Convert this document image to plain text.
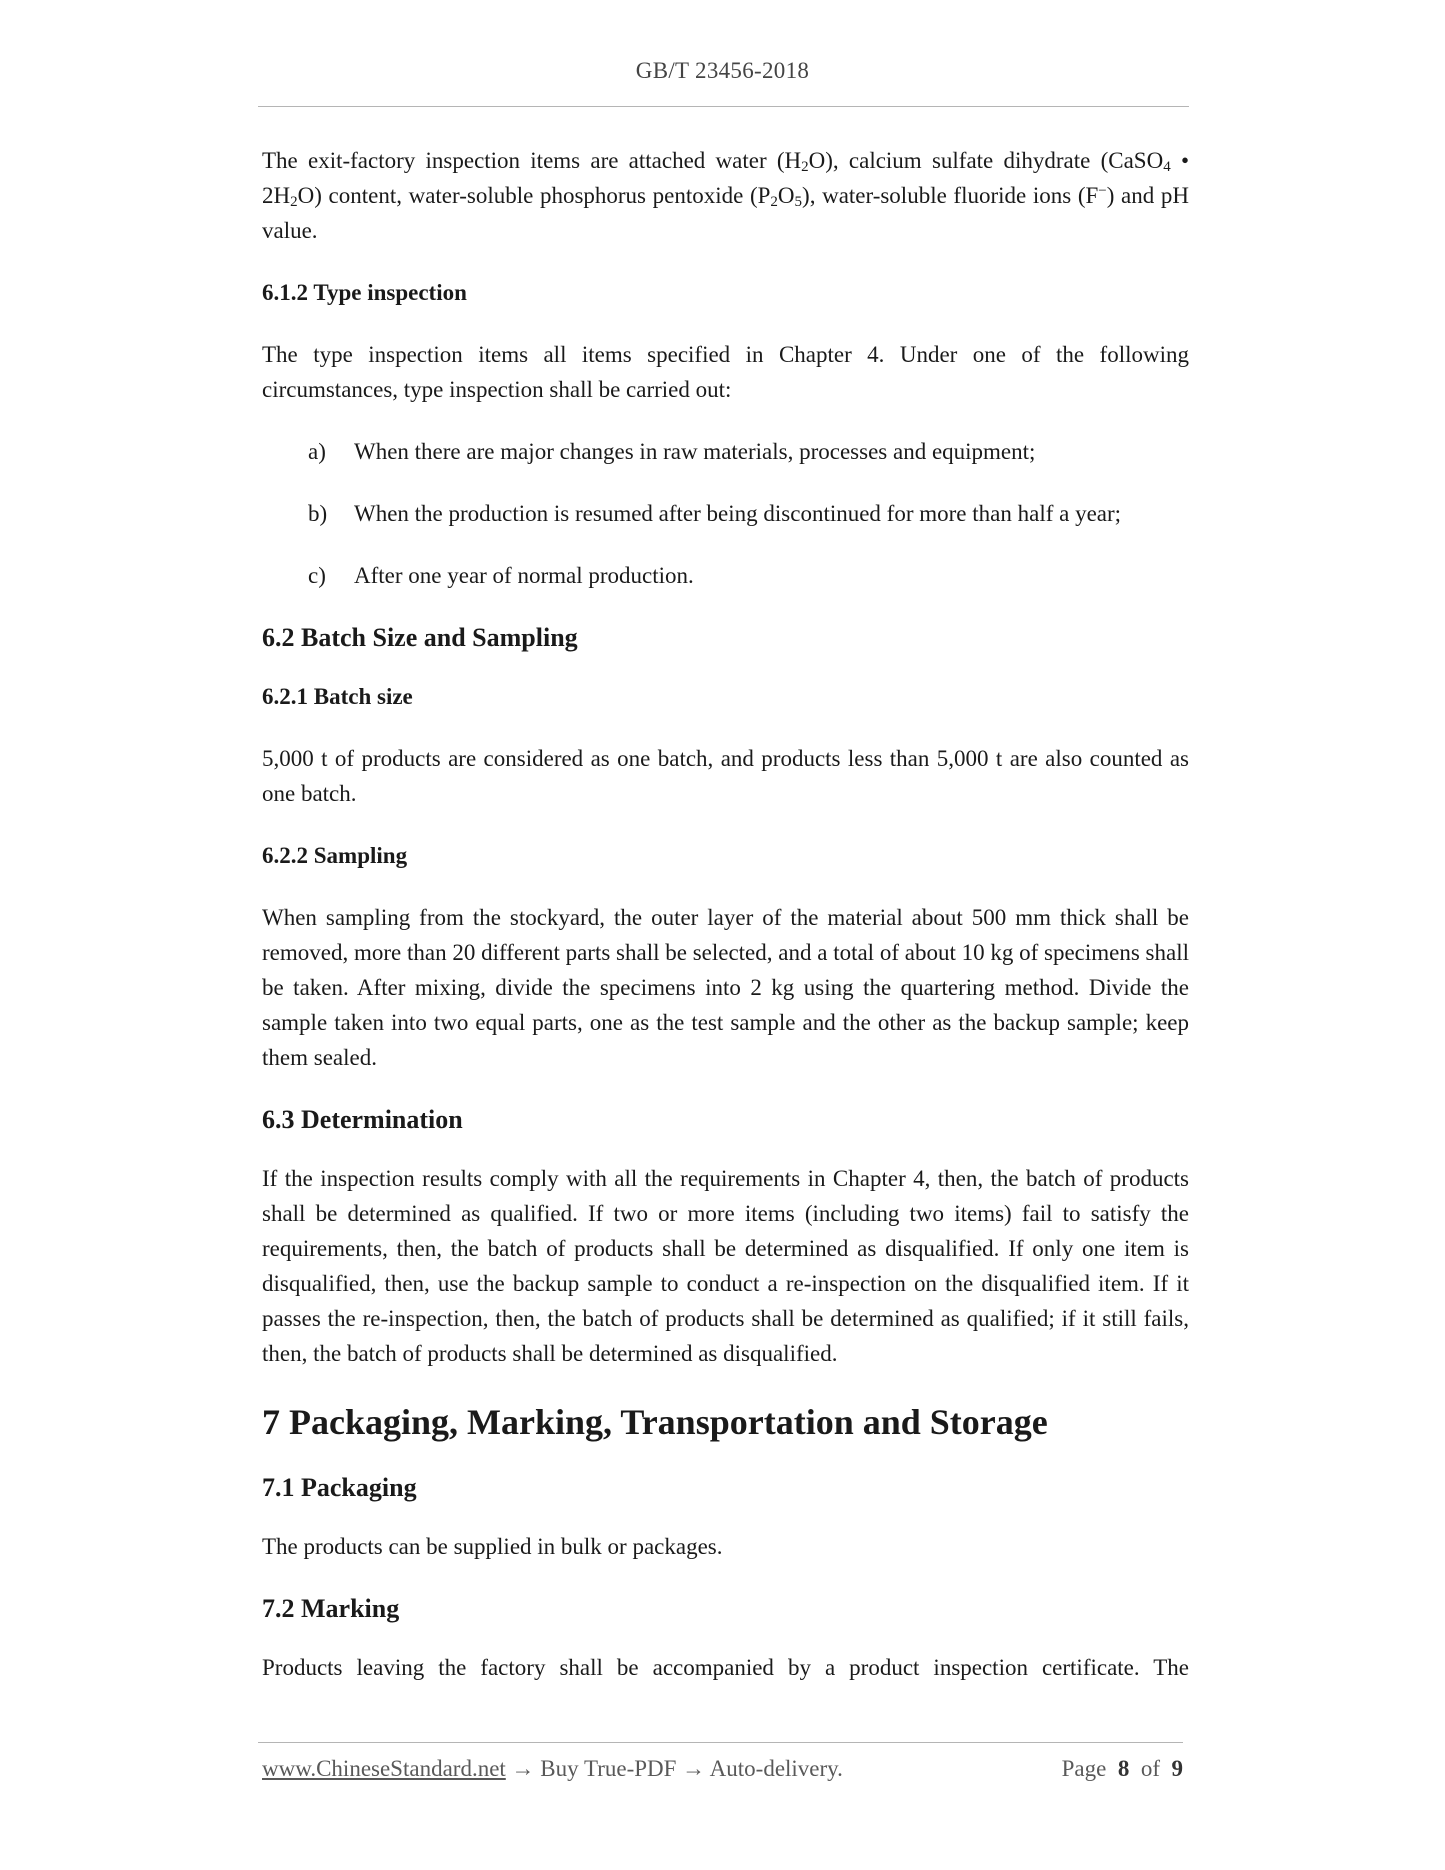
GB/T 23456-2018

The exit-factory inspection items are attached water $(H_2O)$, calcium sulfate dihydrate (CaSO$_4$ • $2H_2O$) content, water-soluble phosphorus pentoxide $(P_2O_5)$, water-soluble fluoride ions (F−) and pH value.

6.1.2 Type inspection

The type inspection items all items specified in Chapter 4. Under one of the following circumstances, type inspection shall be carried out:

a)	When there are major changes in raw materials, processes and equipment;
b)	When the production is resumed after being discontinued for more than half a year;
c)	After one year of normal production.
6.2 Batch Size and Sampling
6.2.1 Batch size

5,000 t of products are considered as one batch, and products less than 5,000 t are also counted as one batch.

6.2.2 Sampling

When sampling from the stockyard, the outer layer of the material about 500 mm thick shall be removed, more than 20 different parts shall be selected, and a total of about 10 kg of specimens shall be taken. After mixing, divide the specimens into 2 kg using the quartering method. Divide the sample taken into two equal parts, one as the test sample and the other as the backup sample; keep them sealed.

6.3 Determination

If the inspection results comply with all the requirements in Chapter 4, then, the batch of products shall be determined as qualified. If two or more items (including two items) fail to satisfy the requirements, then, the batch of products shall be determined as disqualified. If only one item is disqualified, then, use the backup sample to conduct a re-inspection on the disqualified item. If it passes the re-inspection, then, the batch of products shall be determined as qualified; if it still fails, then, the batch of products shall be determined as disqualified.

7 Packaging, Marking, Transportation and Storage
7.1 Packaging

The products can be supplied in bulk or packages.

7.2 Marking

Products leaving the factory shall be accompanied by a product inspection certificate. The

www.ChineseStandard.net → Buy True-PDF → Auto-delivery.	Page 8 of 9
